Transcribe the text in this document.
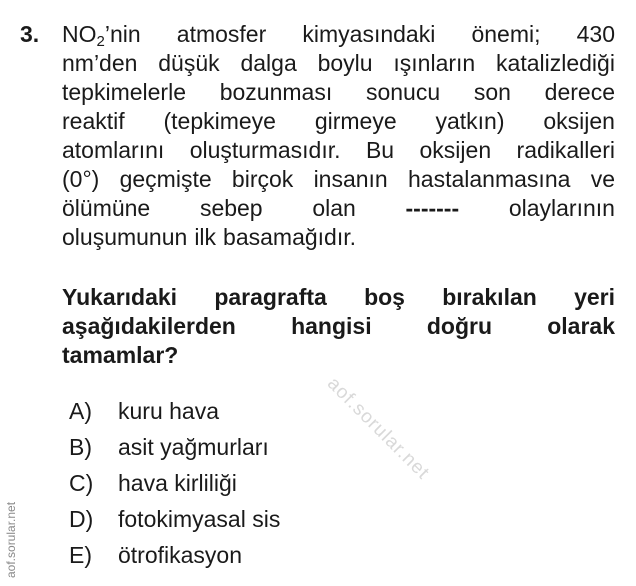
3. $NO_2’nin$ atmosfer kimyasındaki önemi; 430
nm’den düşük dalga boylu ışınların katalizlediği
tepkimelerle bozunması sonucu son derece
reaktif (tepkimeye girmeye yatkın) oksijen
atomlarını oluşturmasıdır. Bu oksijen radikalleri
(0°) geçmişte birçok insanın hastalanmasına ve
ölümüne sebep olan ------- olaylarının
oluşumunun ilk basamağıdır.
Yukarıdaki paragrafta boş bırakılan yeri
aşağıdakilerden hangisi doğru olarak
tamamlar?
A)	kuru hava
B)	asit yağmurları
C)	hava kirliliği
D)	fotokimyasal sis
E)	ötrofikasyon
aof.sorular.net
aof.sorular.net
